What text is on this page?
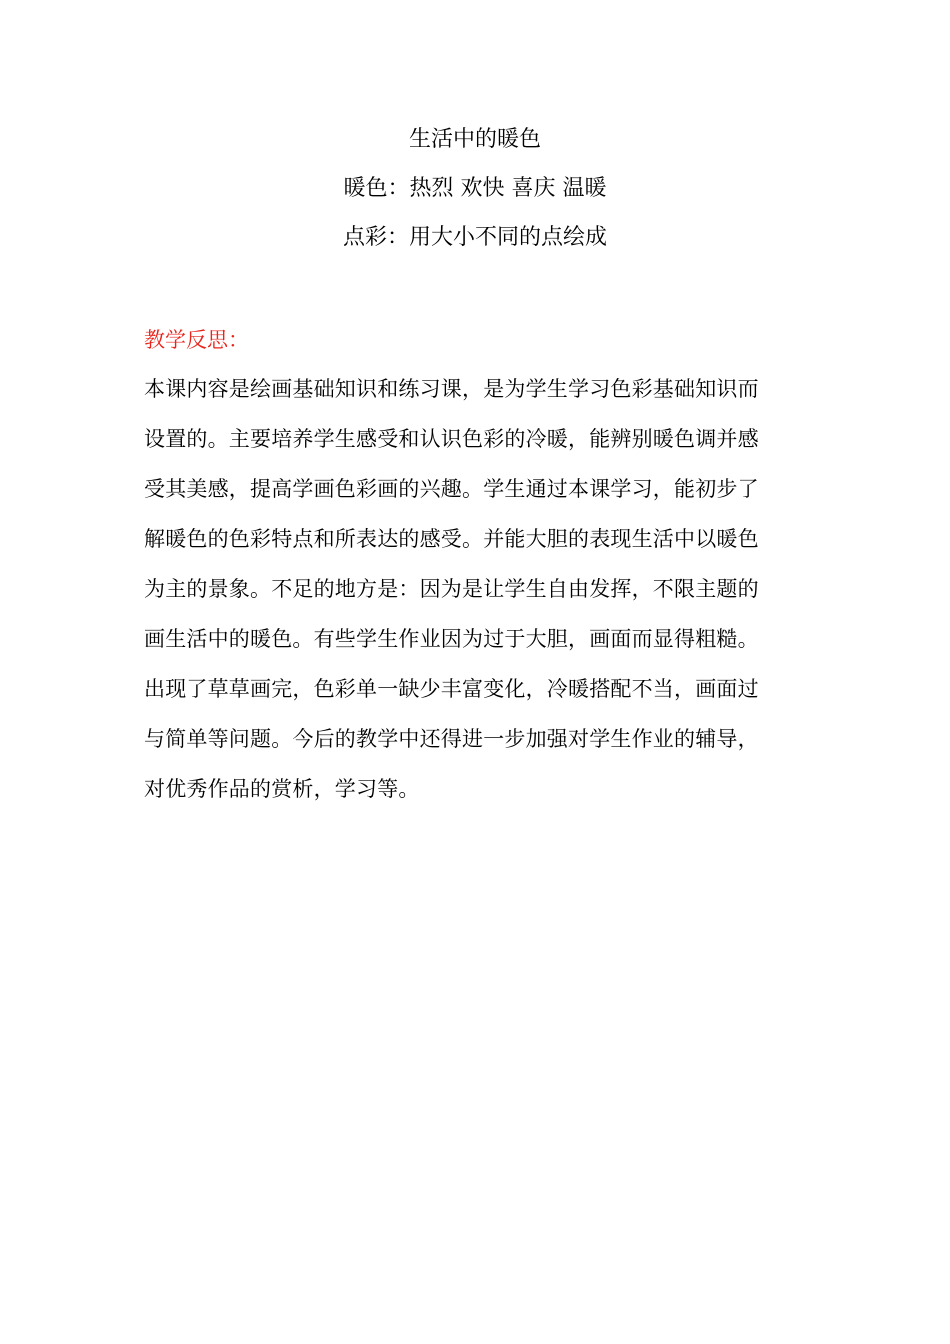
生活中的暖色
暖色：热烈 欢快 喜庆 温暖
点彩：用大小不同的点绘成
教学反思：
本课内容是绘画基础知识和练习课，是为学生学习色彩基础知识而
设置的。主要培养学生感受和认识色彩的冷暖，能辨别暖色调并感
受其美感，提高学画色彩画的兴趣。学生通过本课学习，能初步了
解暖色的色彩特点和所表达的感受。并能大胆的表现生活中以暖色
为主的景象。不足的地方是：因为是让学生自由发挥，不限主题的
画生活中的暖色。有些学生作业因为过于大胆，画面而显得粗糙。
出现了草草画完，色彩单一缺少丰富变化，冷暖搭配不当，画面过
与简单等问题。今后的教学中还得进一步加强对学生作业的辅导，
对优秀作品的赏析，学习等。
